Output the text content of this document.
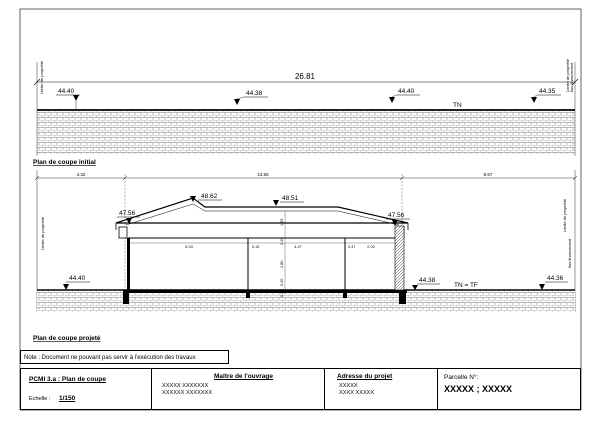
26.81
Limite de propriété	Limite de propriété flux financement
44.40	44.38	44.40	44.35
TN
Plan de coupe initial
4.32	13.65	8.57
Limite de propriété
Limite de propriété
flux financement
6.03	0.15	4.47	0.37	2.00
1.29
2.49
2.80
0.20
0.25
48.62	48.51
47.56	47.56
44.40	44.38	44.36
TN = TF
Plan de coupe projeté
Note : Document ne pouvant pas servir à l'exécution des travaux
PCMI 3.a : Plan de coupe
Echelle : 1/150
Maître de l'ouvrage
XXXXX XXXXXXX
XXXXXX XXXXXXX
Adresse du projet
XXXXX
XXXX XXXXX
Parcelle N°:
XXXXX ; XXXXX
